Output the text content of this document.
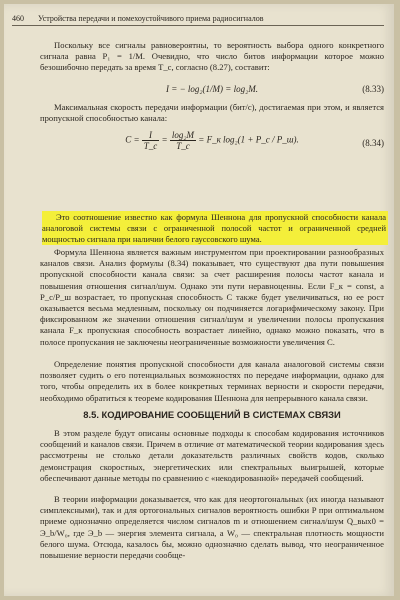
460 Устройства передачи и помехоустойчивого приема радиосигналов

Поскольку все сигналы равновероятны, то вероятность выбора одного конкретного сигнала равна P₁ = 1/M. Очевидно, что число битов информации которое можно безошибочно передать за время T_c, согласно (8.27), составит:

I = − log₂(1/M) = log₂M.	(8.33)

Максимальная скорость передачи информации (бит/с), достигаемая при этом, и является пропускной способностью канала:

$C = \frac{I}{T\_c} = \frac{\text{log₂M}}{T\_c}$ = F_к log₂(1 + P_c / P_ш).	(8.34)
Это соотношение известно как формула Шеннона для пропускной способности канала аналоговой системы связи с ограниченной полосой частот и ограниченной средней мощностью сигнала при наличии белого гауссовского шума.

Формула Шеннона является важным инструментом при проектировании разнообразных каналов связи. Анализ формулы (8.34) показывает, что существуют два пути повышения пропускной способности канала связи: за счет расширения полосы частот канала и повышения отношения сигнал/шум. Однако эти пути неравноценны. Если F_к = const, а P_c/P_ш возрастает, то пропускная способность C также будет увеличиваться, но ее рост оказывается весьма медленным, поскольку он подчиняется логарифмическому закону. При фиксированном же значении отношения сигнал/шум и увеличении полосы пропускания канала F_к пропускная способность возрастает линейно, однако можно показать, что в полосе пропускания не заключены неограниченные возможности увеличения C.

Определение понятия пропускной способности для канала аналоговой системы связи позволяет судить о его потенциальных возможностях по передаче информации, однако для того, чтобы определить их в более конкретных терминах верности и скорости передачи, необходимо обратиться к теореме кодирования Шеннона для непрерывного канала связи.

8.5. КОДИРОВАНИЕ СООБЩЕНИЙ В СИСТЕМАХ СВЯЗИ

В этом разделе будут описаны основные подходы к способам кодирования источников сообщений и каналов связи. Причем в отличие от математической теории кодирования здесь рассмотрены не столько детали доказательств различных свойств кодов, сколько демонстрация скоростных, энергетических или спектральных выигрышей, которые обеспечивают данные методы по сравнению с «некодированной» передачей сообщений.

В теории информации доказывается, что как для неортогональных (их иногда называют симплексными), так и для ортогональных сигналов вероятность ошибки P при оптимальном приеме однозначно определяется числом сигналов m и отношением сигнал/шум Q_вых0 = Э_b/W₀, где Э_b — энергия элемента сигнала, а W₀ — спектральная плотность мощности белого шума. Отсюда, казалось бы, можно однозначно сделать вывод, что неограниченное повышение верности передачи сообще-
